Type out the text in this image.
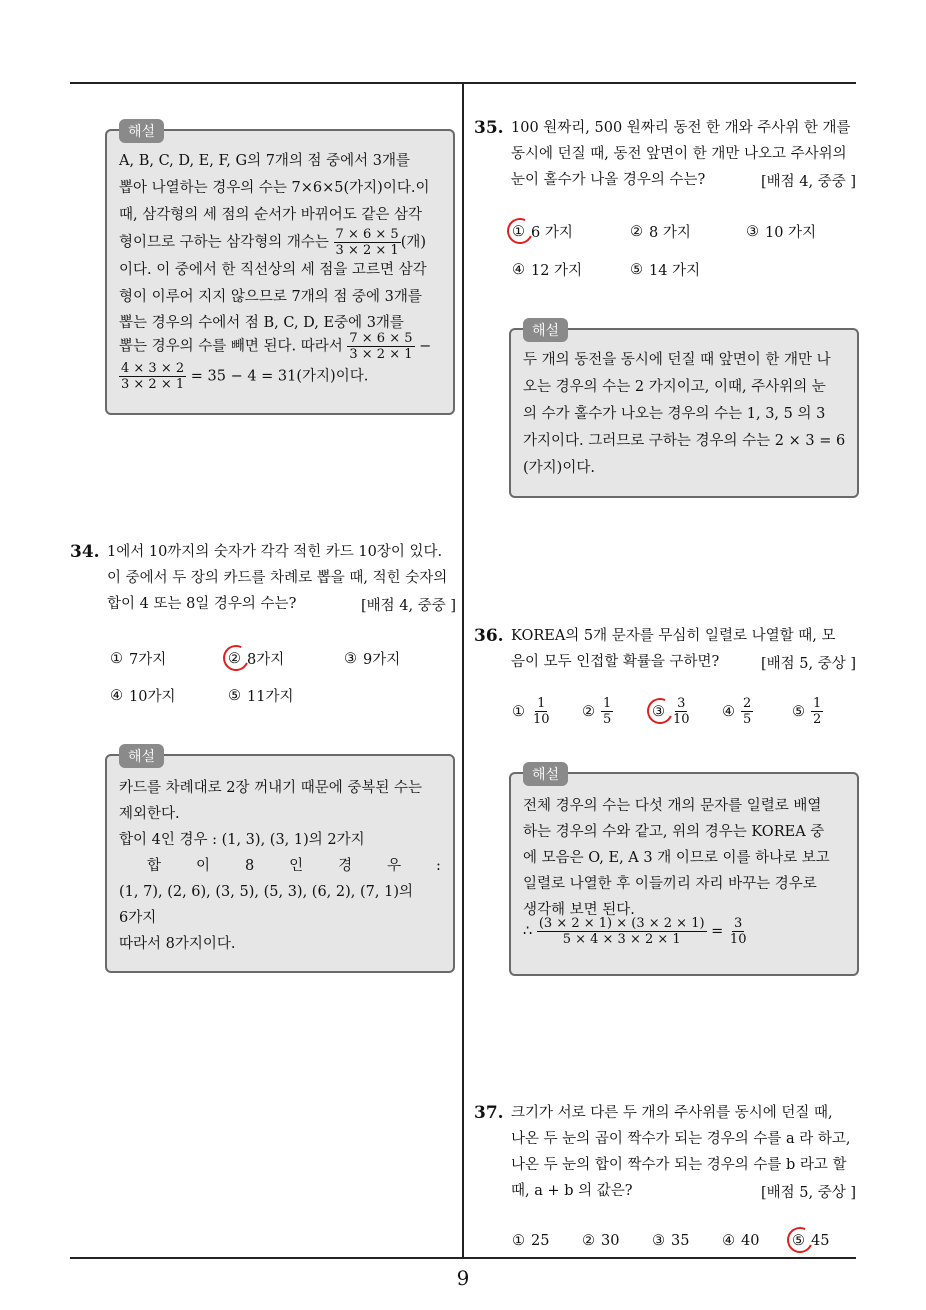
해설
A, B, C, D, E, F, G의 7개의 점 중에서 3개를
뽑아 나열하는 경우의 수는 7×6×5(가지)이다.이
때, 삼각형의 세 점의 순서가 바뀌어도 같은 삼각
형이므로 구하는 삼각형의 개수는 $\frac{7 \times 6 \times 5}{3 \times 2 \times 1}$ (개)
이다. 이 중에서 한 직선상의 세 점을 고르면 삼각
형이 이루어 지지 않으므로 7개의 점 중에 3개를
뽑는 경우의 수에서 점 B, C, D, E중에 3개를
뽑는 경우의 수를 빼면 된다. 따라서 $\frac{7 \times 6 \times 5}{3 \times 2 \times 1}$ −
$\frac{4 \times 3 \times 2}{3 \times 2 \times 1} = 35 - 4 = 31$(가지)이다.
34. 1에서 10까지의 숫자가 각각 적힌 카드 10장이 있다.
이 중에서 두 장의 카드를 차례로 뽑을 때, 적힌 숫자의
합이 4 또는 8일 경우의 수는?	[배점 4, 중중 ]
① 7가지	② 8가지	③ 9가지
④ 10가지	⑤ 11가지
해설
카드를 차례대로 2장 꺼내기 때문에 중복된 수는
제외한다.
합이 4인 경우 : (1, 3), (3, 1)의 2가지
합 이 8 인 경 우 :
(1, 7), (2, 6), (3, 5), (5, 3), (6, 2), (7, 1)의
6가지
따라서 8가지이다.
35. 100 원짜리, 500 원짜리 동전 한 개와 주사위 한 개를
동시에 던질 때, 동전 앞면이 한 개만 나오고 주사위의
눈이 홀수가 나올 경우의 수는?	[배점 4, 중중 ]
① 6 가지	② 8 가지	③ 10 가지
④ 12 가지	⑤ 14 가지
해설
두 개의 동전을 동시에 던질 때 앞면이 한 개만 나
오는 경우의 수는 2 가지이고, 이때, 주사위의 눈
의 수가 홀수가 나오는 경우의 수는 1, 3, 5 의 3
가지이다. 그러므로 구하는 경우의 수는 2 × 3 = 6
(가지)이다.
36. KOREA의 5개 문자를 무심히 일렬로 나열할 때, 모
음이 모두 인접할 확률을 구하면?	[배점 5, 중상 ]
① $\frac{1}{10}$ ② $\frac{1}{5}$	③ $\frac{3}{10}$ ④ $\frac{2}{5}$	⑤ $\frac{1}{2}$
해설
전체 경우의 수는 다섯 개의 문자를 일렬로 배열
하는 경우의 수와 같고, 위의 경우는 KOREA 중
에 모음은 O, E, A 3 개 이므로 이를 하나로 보고
일렬로 나열한 후 이들끼리 자리 바꾸는 경우로
생각해 보면 된다.
∴ $\frac{(3 \times 2 \times 1) \times (3 \times 2 \times 1)}{5 \times 4 \times 3 \times 2 \times 1} = \frac{3}{10}$
37. 크기가 서로 다른 두 개의 주사위를 동시에 던질 때,
나온 두 눈의 곱이 짝수가 되는 경우의 수를 a 라 하고,
나온 두 눈의 합이 짝수가 되는 경우의 수를 b 라고 할
때, a + b 의 값은?	[배점 5, 중상 ]
① 25 ② 30 ③ 35 ④ 40 ⑤ 45
9
